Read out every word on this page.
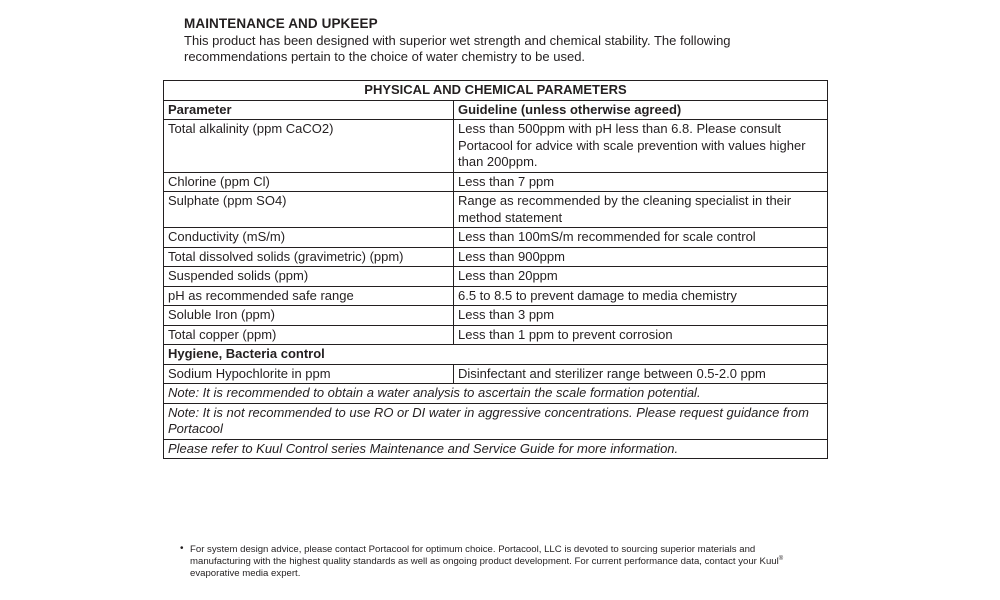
MAINTENANCE AND UPKEEP

This product has been designed with superior wet strength and chemical stability. The following
recommendations pertain to the choice of water chemistry to be used.

PHYSICAL AND CHEMICAL PARAMETERS	
Parameter	Guideline (unless otherwise agreed)
Total alkalinity (ppm CaCO2)	Less than 500ppm with pH less than 6.8. Please consult Portacool for advice with scale prevention with values higher than 200ppm.
Chlorine (ppm Cl)	Less than 7 ppm
Sulphate (ppm SO4)	Range as recommended by the cleaning specialist in their method statement
Conductivity (mS/m)	Less than 100mS/m recommended for scale control
Total dissolved solids (gravimetric) (ppm)	Less than 900ppm
Suspended solids (ppm)	Less than 20ppm
pH as recommended safe range	6.5 to 8.5 to prevent damage to media chemistry
Soluble Iron (ppm)	Less than 3 ppm
Total copper (ppm)	Less than 1 ppm to prevent corrosion
Hygiene, Bacteria control	
Sodium Hypochlorite in ppm	Disinfectant and sterilizer range between 0.5-2.0 ppm
Note: It is recommended to obtain a water analysis to ascertain the scale formation potential.	
Note: It is not recommended to use RO or DI water in aggressive concentrations. Please request guidance from Portacool	
Please refer to Kuul Control series Maintenance and Service Guide for more information.	
• For system design advice, please contact Portacool for optimum choice. Portacool, LLC is devoted to sourcing superior materials and manufacturing with the highest quality standards as well as ongoing product development. For current performance data, contact your Kuul® evaporative media expert.
